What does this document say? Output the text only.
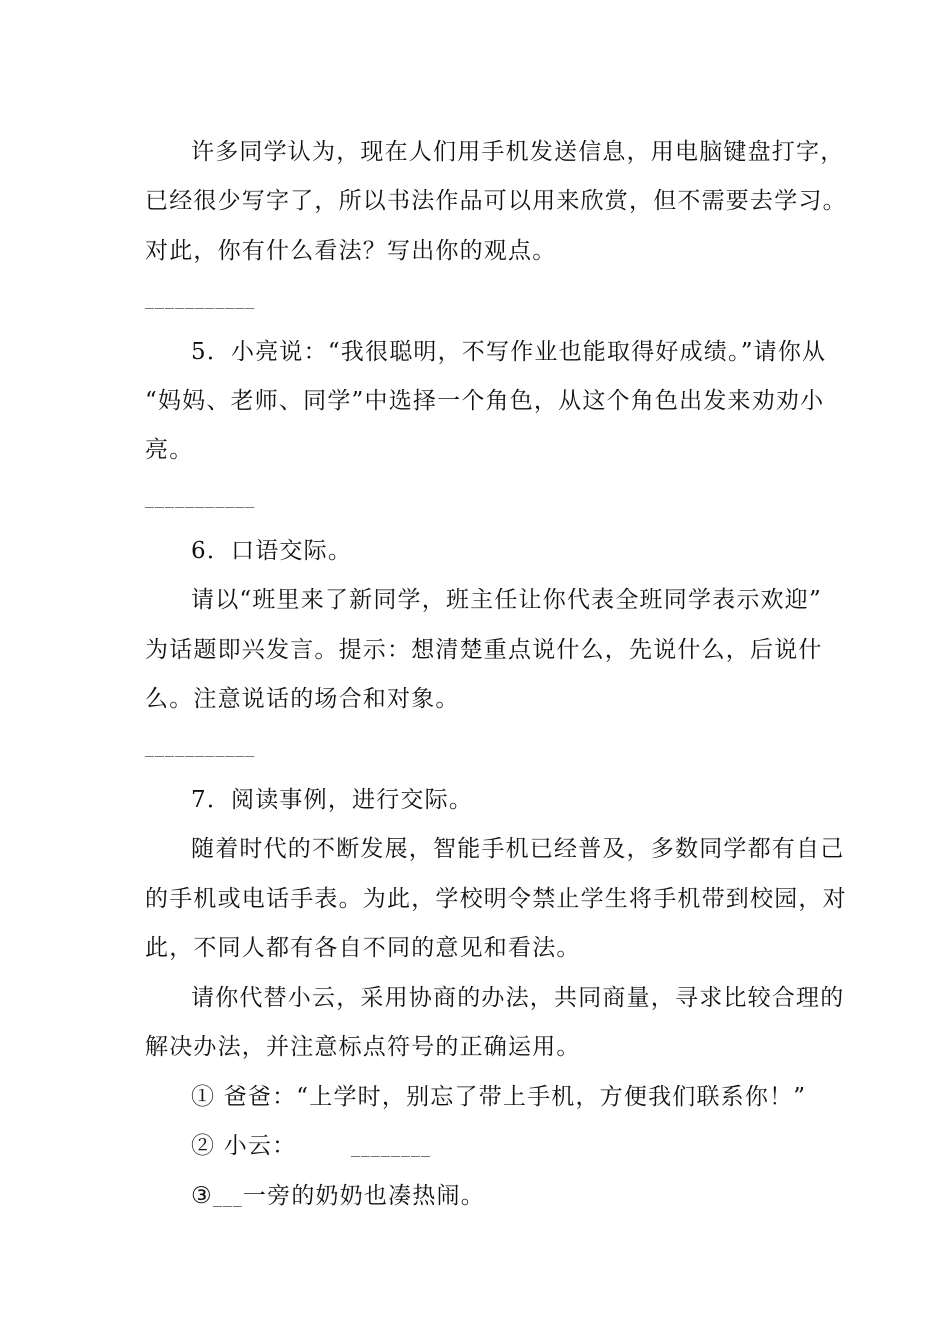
许多同学认为，现在人们用手机发送信息，用电脑键盘打字，
已经很少写字了，所以书法作品可以用来欣赏，但不需要去学习。
对此，你有什么看法？写出你的观点。
___________
5．小亮说：“我很聪明，不写作业也能取得好成绩。”请你从
“妈妈、老师、同学”中选择一个角色，从这个角色出发来劝劝小
亮。
___________
6．口语交际。
请以“班里来了新同学，班主任让你代表全班同学表示欢迎”
为话题即兴发言。提示：想清楚重点说什么，先说什么，后说什
么。注意说话的场合和对象。
___________
7．阅读事例，进行交际。
随着时代的不断发展，智能手机已经普及，多数同学都有自己
的手机或电话手表。为此，学校明令禁止学生将手机带到校园，对
此，不同人都有各自不同的意见和看法。
请你代替小云，采用协商的办法，共同商量，寻求比较合理的
解决办法，并注意标点符号的正确运用。
① 爸爸：“上学时，别忘了带上手机，方便我们联系你！”
② 小云：	________
③___一旁的奶奶也凑热闹。
